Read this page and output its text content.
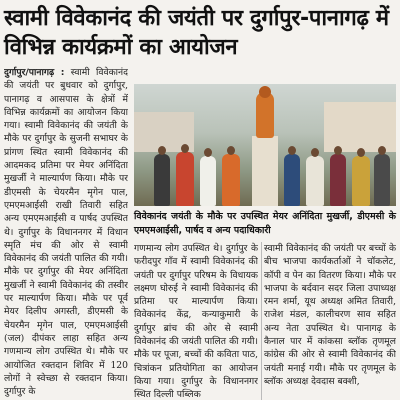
स्वामी विवेकानंद की जयंती पर दुर्गापुर-पानागढ़ में विभिन्न कार्यक्रमों का आयोजन
दुर्गापुर/पानागढ़ : स्वामी विवेकानंद की जयंती पर बुधवार को दुर्गापुर, पानागढ़ व आसपास के क्षेत्रों में विभिन्न कार्यक्रमों का आयोजन किया गया। स्वामी विवेकानंद की जयंती के मौके पर दुर्गापुर के सुजनी सभाघर के प्रांगण स्थित स्वामी विवेकानंद की आदमकद प्रतिमा पर मेयर अनिंदिता मुखर्जी ने माल्यार्पण किया। मौके पर डीएमसी के चेयरमैन मृगेन पाल, एमएमआईसी राखी तिवारी सहित अन्य एमएमआईसी व पार्षद उपस्थित थे। दुर्गापुर के विधाननगर में विधान स्मृति मंच की ओर से स्वामी विवेकानंद की जयंती पालित की गयी। मौके पर दुर्गापुर की मेयर अनिंदिता मुखर्जी ने स्वामी विवेकानंद की तस्वीर पर माल्यार्पण किया। मौके पर पूर्व मेयर दिलीप अगस्ती, डीएमसी के चेयरमैन मृगेन पाल, एमएमआईसी (जल) दीपंकर लाहा सहित अन्य गणमान्य लोग उपस्थित थे। मौके पर आयोजित रक्तदान शिविर में 120 लोगों ने स्वेच्छा से रक्तदान किया। दुर्गापुर के
विवेकानंद जयंती के मौके पर उपस्थित मेयर अनिंदिता मुखर्जी, डीएमसी के एमएमआईसी, पार्षद व अन्य पदाधिकारी
गणमान्य लोग उपस्थित थे। दुर्गापुर के फरीदपुर गाँव में स्वामी विवेकानंद की जयंती पर दुर्गापुर परिषम के विधायक लक्ष्मण घोरुई ने स्वामी विवेकानंद की प्रतिमा पर माल्यार्पण किया। विवेकानंद केंद्र, कन्याकुमारी के दुर्गापुर ब्रांच की ओर से स्वामी विवेकानंद की जयंती पालित की गयी। मौके पर पूजा, बच्चों की कविता पाठ, चित्रांकन प्रतियोगिता का आयोजन किया गया। दुर्गापुर के विधाननगर स्थित दिल्ली पब्लिक
स्वामी विवेकानंद की जयंती पर बच्चों के बीच भाजपा कार्यकर्ताओं ने चॉकलेट, कॉपी व पेन का वितरण किया। मौके पर भाजपा के बर्दवान सदर जिला उपाध्यक्ष रमन शर्मा, यूथ अध्यक्ष अमित तिवारी, राजेश मंडल, कालीचरण साव सहित अन्य नेता उपस्थित थे। पानागढ़ के कैनाल पार में कांकसा ब्लॉक तृणमूल कांग्रेस की ओर से स्वामी विवेकानंद की जयंती मनाई गयी। मौके पर तृणमूल के ब्लॉक अध्यक्ष देवदास बक्शी,
